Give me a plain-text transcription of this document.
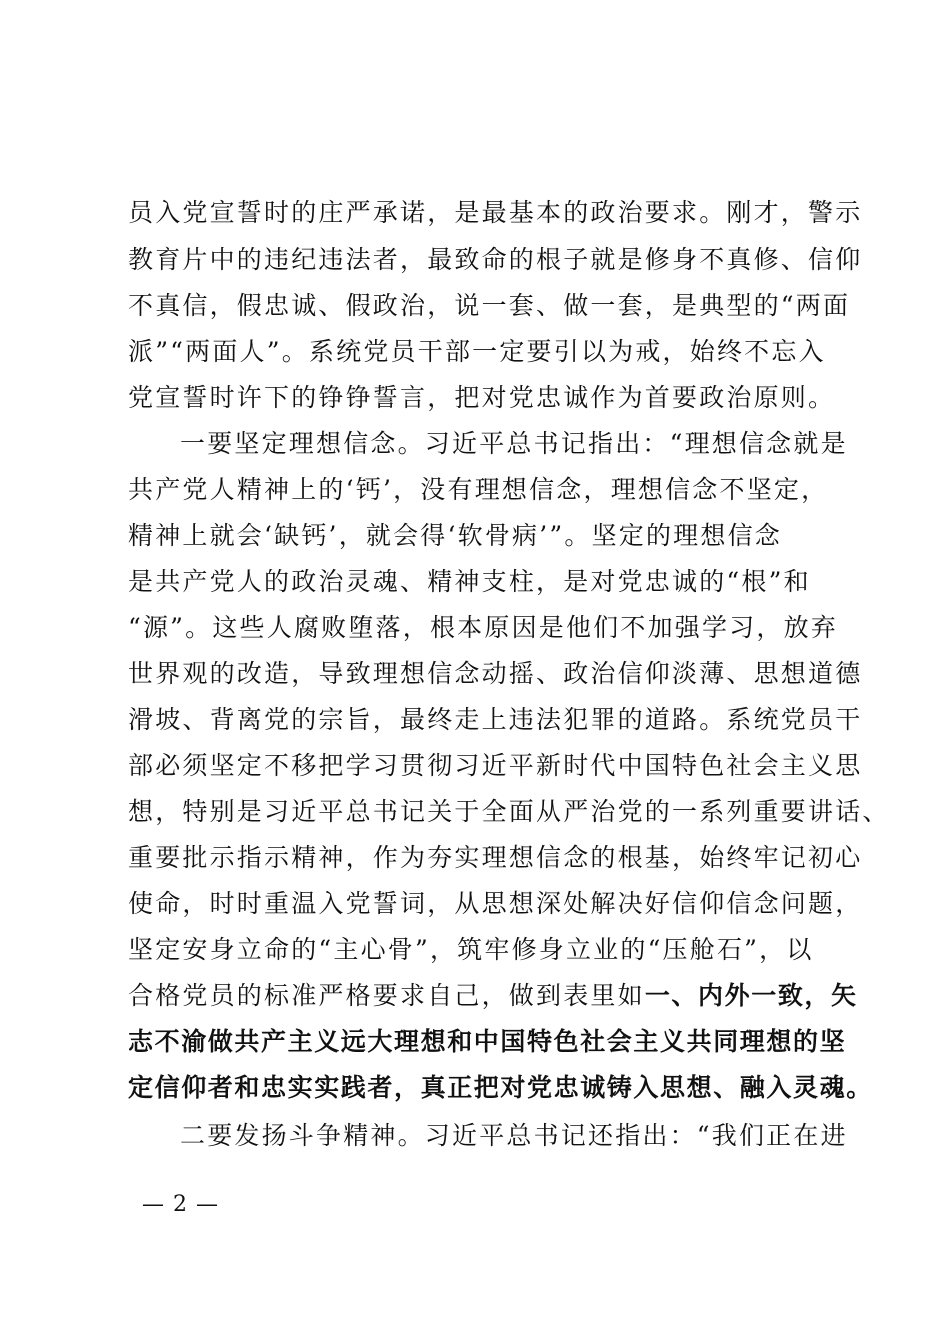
员入党宣誓时的庄严承诺，是最基本的政治要求。刚才，警示
教育片中的违纪违法者，最致命的根子就是修身不真修、信仰
不真信，假忠诚、假政治，说一套、做一套，是典型的“两面
派”“两面人”。系统党员干部一定要引以为戒，始终不忘入
党宣誓时许下的铮铮誓言，把对党忠诚作为首要政治原则。
一要坚定理想信念。习近平总书记指出：“理想信念就是
共产党人精神上的‘钙’，没有理想信念，理想信念不坚定，
精神上就会‘缺钙’，就会得‘软骨病’”。坚定的理想信念
是共产党人的政治灵魂、精神支柱，是对党忠诚的“根”和
“源”。这些人腐败堕落，根本原因是他们不加强学习，放弃
世界观的改造，导致理想信念动摇、政治信仰淡薄、思想道德
滑坡、背离党的宗旨，最终走上违法犯罪的道路。系统党员干
部必须坚定不移把学习贯彻习近平新时代中国特色社会主义思
想，特别是习近平总书记关于全面从严治党的一系列重要讲话、
重要批示指示精神，作为夯实理想信念的根基，始终牢记初心
使命，时时重温入党誓词，从思想深处解决好信仰信念问题，
坚定安身立命的“主心骨”，筑牢修身立业的“压舱石”，以
合格党员的标准严格要求自己，做到表里如一、内外一致，矢
志不渝做共产主义远大理想和中国特色社会主义共同理想的坚
定信仰者和忠实实践者，真正把对党忠诚铸入思想、融入灵魂。
二要发扬斗争精神。习近平总书记还指出：“我们正在进
— 2 —
